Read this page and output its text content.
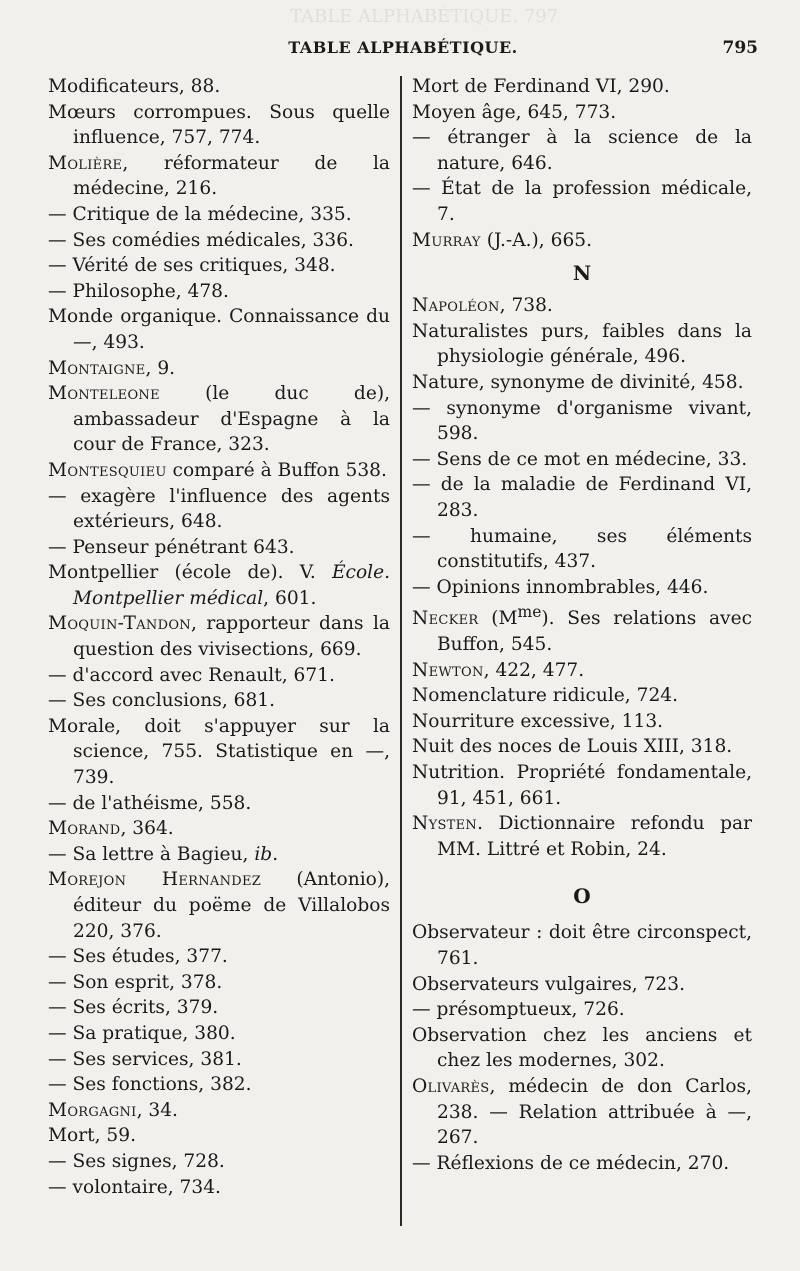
TABLE ALPHABÉTIQUE. 797
TABLE ALPHABÉTIQUE.	795
Modificateurs, 88.
Mœurs corrompues. Sous quelle influence, 757, 774.
Molière, réformateur de la médecine, 216.
— Critique de la médecine, 335.
— Ses comédies médicales, 336.
— Vérité de ses critiques, 348.
— Philosophe, 478.
Monde organique. Connaissance du —, 493.
Montaigne, 9.
Monteleone (le duc de), ambassadeur d'Espagne à la cour de France, 323.
Montesquieu comparé à Buffon 538.
— exagère l'influence des agents extérieurs, 648.
— Penseur pénétrant 643.
Montpellier (école de). V. École. Montpellier médical, 601.
Moquin-Tandon, rapporteur dans la question des vivisections, 669.
— d'accord avec Renault, 671.
— Ses conclusions, 681.
Morale, doit s'appuyer sur la science, 755. Statistique en —, 739.
— de l'athéisme, 558.
Morand, 364.
— Sa lettre à Bagieu, ib.
Morejon Hernandez (Antonio), éditeur du poëme de Villalobos 220, 376.
— Ses études, 377.
— Son esprit, 378.
— Ses écrits, 379.
— Sa pratique, 380.
— Ses services, 381.
— Ses fonctions, 382.
Morgagni, 34.
Mort, 59.
— Ses signes, 728.
— volontaire, 734.
Mort de Ferdinand VI, 290.
Moyen âge, 645, 773.
— étranger à la science de la nature, 646.
— État de la profession médicale, 7.
Murray (J.-A.), 665.
N
Napoléon, 738.
Naturalistes purs, faibles dans la physiologie générale, 496.
Nature, synonyme de divinité, 458.
— synonyme d'organisme vivant, 598.
— Sens de ce mot en médecine, 33.
— de la maladie de Ferdinand VI, 283.
— humaine, ses éléments constitutifs, 437.
— Opinions innombrables, 446.
Necker $(M^{me})$. Ses relations avec Buffon, 545.
Newton, 422, 477.
Nomenclature ridicule, 724.
Nourriture excessive, 113.
Nuit des noces de Louis XIII, 318.
Nutrition. Propriété fondamentale, 91, 451, 661.
Nysten. Dictionnaire refondu par MM. Littré et Robin, 24.
O
Observateur : doit être circonspect, 761.
Observateurs vulgaires, 723.
— présomptueux, 726.
Observation chez les anciens et chez les modernes, 302.
Olivarès, médecin de don Carlos, 238. — Relation attribuée à —, 267.
— Réflexions de ce médecin, 270.
